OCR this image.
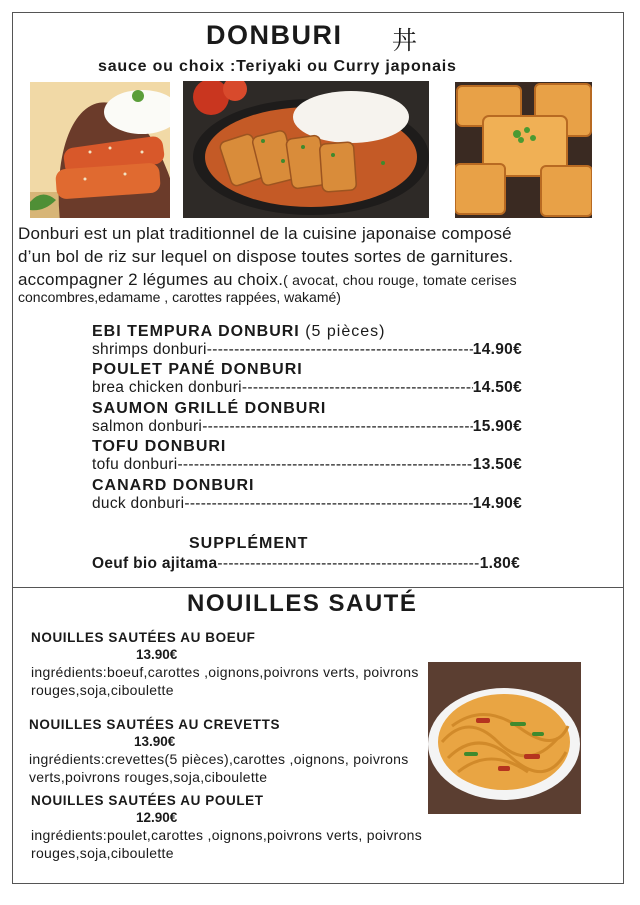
DONBURI 丼
sauce ou choix :Teriyaki ou Curry japonais
Donburi est un plat traditionnel de la cuisine japonaise composé
d’un bol de riz sur lequel on dispose toutes sortes de garnitures.
accompagner 2 légumes au choix.( avocat, chou rouge, tomate cerises
concombres,edamame , carottes rappées, wakamé)
EBI TEMPURA DONBURI (5 pièces)
shrimps donburi -----	14.90€
POULET PANÉ DONBURI
brea chicken donburi -----	14.50€
SAUMON GRILLÉ DONBURI
salmon donburi -----	15.90€
TOFU DONBURI
tofu donburi -----	13.50€
CANARD DONBURI
duck donburi -----	14.90€
SUPPLÉMENT
Oeuf bio ajitama -----	1.80€
NOUILLES SAUTÉ
NOUILLES SAUTÉES AU BOEUF
13.90€
ingrédients:boeuf,carottes ,oignons,poivrons verts, poivrons rouges,soja,ciboulette
NOUILLES SAUTÉES AU CREVETTS
13.90€
ingrédients:crevettes(5 pièces),carottes ,oignons, poivrons verts,poivrons rouges,soja,ciboulette
NOUILLES SAUTÉES AU POULET
12.90€
ingrédients:poulet,carottes ,oignons,poivrons verts, poivrons rouges,soja,ciboulette
